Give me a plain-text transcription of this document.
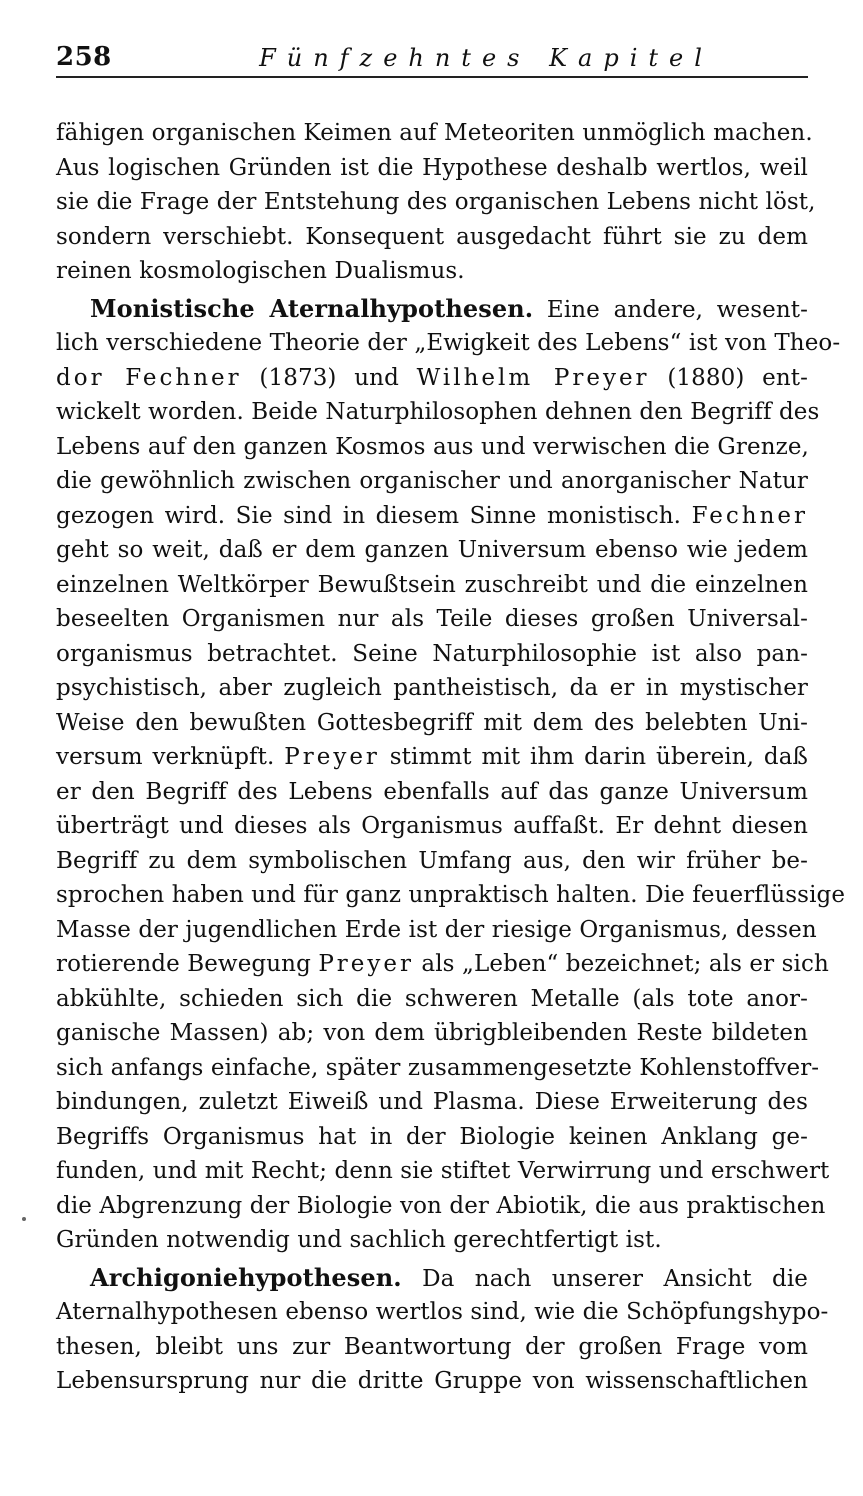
258	Fünfzehntes Kapitel
fähigen organischen Keimen auf Meteoriten unmöglich machen.
Aus logischen Gründen ist die Hypothese deshalb wertlos, weil
sie die Frage der Entstehung des organischen Lebens nicht löst,
sondern verschiebt. Konsequent ausgedacht führt sie zu dem
reinen kosmologischen Dualismus.
Monistische Aternalhypothesen. Eine andere, wesent-
lich verschiedene Theorie der „Ewigkeit des Lebens“ ist von Theo-
dor Fechner (1873) und Wilhelm Preyer (1880) ent-
wickelt worden. Beide Naturphilosophen dehnen den Begriff des
Lebens auf den ganzen Kosmos aus und verwischen die Grenze,
die gewöhnlich zwischen organischer und anorganischer Natur
gezogen wird. Sie sind in diesem Sinne monistisch. Fechner
geht so weit, daß er dem ganzen Universum ebenso wie jedem
einzelnen Weltkörper Bewußtsein zuschreibt und die einzelnen
beseelten Organismen nur als Teile dieses großen Universal-
organismus betrachtet. Seine Naturphilosophie ist also pan-
psychistisch, aber zugleich pantheistisch, da er in mystischer
Weise den bewußten Gottesbegriff mit dem des belebten Uni-
versum verknüpft. Preyer stimmt mit ihm darin überein, daß
er den Begriff des Lebens ebenfalls auf das ganze Universum
überträgt und dieses als Organismus auffaßt. Er dehnt diesen
Begriff zu dem symbolischen Umfang aus, den wir früher be-
sprochen haben und für ganz unpraktisch halten. Die feuerflüssige
Masse der jugendlichen Erde ist der riesige Organismus, dessen
rotierende Bewegung Preyer als „Leben“ bezeichnet; als er sich
abkühlte, schieden sich die schweren Metalle (als tote anor-
ganische Massen) ab; von dem übrigbleibenden Reste bildeten
sich anfangs einfache, später zusammengesetzte Kohlenstoffver-
bindungen, zuletzt Eiweiß und Plasma. Diese Erweiterung des
Begriffs Organismus hat in der Biologie keinen Anklang ge-
funden, und mit Recht; denn sie stiftet Verwirrung und erschwert
die Abgrenzung der Biologie von der Abiotik, die aus praktischen
Gründen notwendig und sachlich gerechtfertigt ist.
Archigoniehypothesen. Da nach unserer Ansicht die
Aternalhypothesen ebenso wertlos sind, wie die Schöpfungshypo-
thesen, bleibt uns zur Beantwortung der großen Frage vom
Lebensursprung nur die dritte Gruppe von wissenschaftlichen
